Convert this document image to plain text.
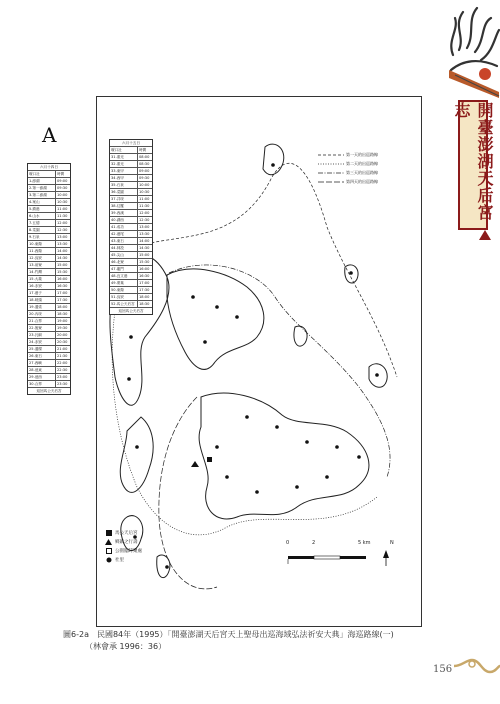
開臺澎湖天后宮志
A
六月十四日
壇口社	時間
1.澎湖	09:00
2.第一澎湖	09:30
3.第二澎湖	10:00
4.案山	10:30
5.鎖港	11:00
6.山水	11:30
7.五德	12:00
8.菜園	12:30
9.石泉	13:00
10.東衛	13:30
11.西衛	14:00
12.烏崁	14:30
13.前寮	15:00
14.竹灣	15:30
15.大義	16:00
16.赤崁	16:30
17.港子	17:00
18.岐頭	17:30
19.通梁	18:00
20.內垵	18:30
21.合界	19:00
22.後寮	19:30
23.瓦硐	20:00
24.赤崁	20:30
25.通樑	21:00
26.東石	21:30
27.西嶼	22:00
28.池東	22:30
29.池西	23:00
30.合界	23:30
返回馬公天后宮
六月十五日
壇口社	時間
31.重光	08:00
32.重光	08:30
33.東甲	09:00
34.西甲	09:30
35.石泉	10:00
36.菜園	10:30
37.井垵	11:00
38.紅羅	11:30
39.西溪	12:00
40.湖西	12:30
41.成功	13:00
42.港尾	13:30
43.東石	14:00
44.林投	14:30
45.尖山	15:00
46.北寮	15:30
47.龍門	16:00
48.良文港	16:30
49.菓葉	17:00
50.東衛	17:30
51.烏崁	18:00
52.馬公天后宮	18:30
返回馬公天后宮
第一天的出巡路線
第二天的出巡路線
第三天的出巡路線
第四天的出巡路線
馬公天后宮
鄉鎮之行壽
公園臨時聚處
社里
0	2	5 km	N
圖6-2a　民國84年（1995）「開臺澎湖天后宮天上聖母出巡海域弘法祈安大典」海巡路線(一)
（林會承 1996：36）
156
